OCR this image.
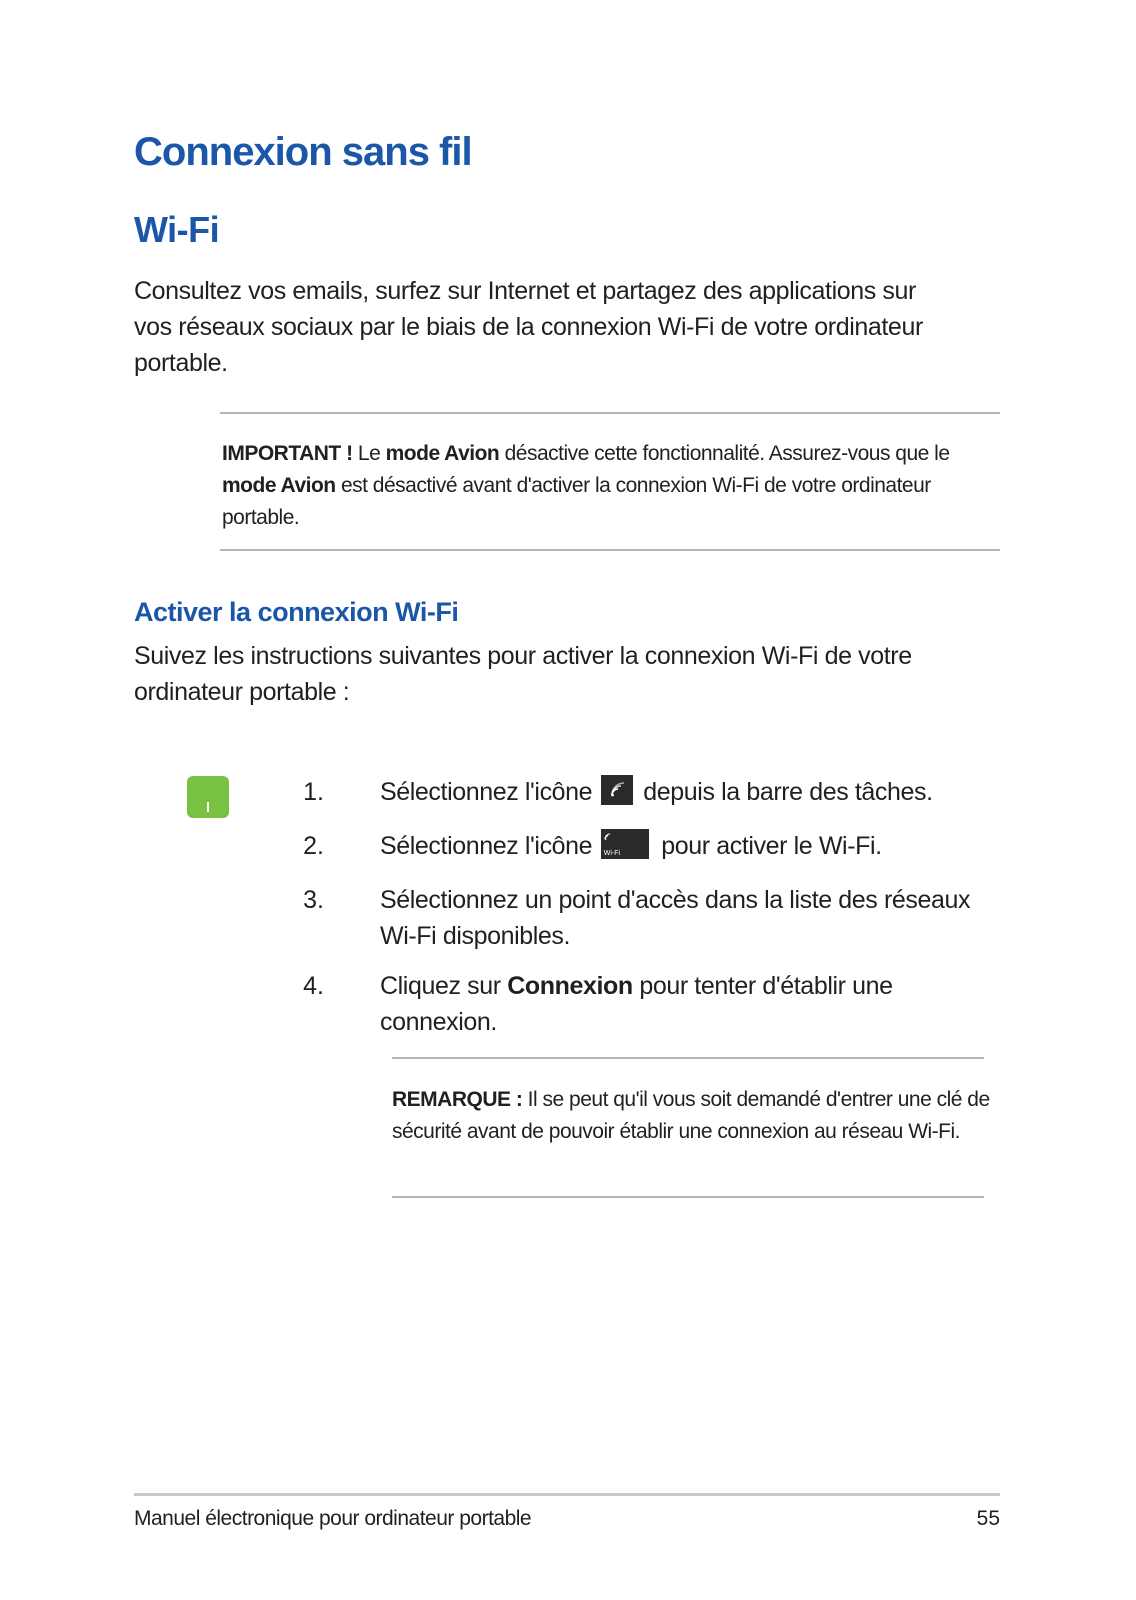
Connexion sans fil
Wi-Fi
Consultez vos emails, surfez sur Internet et partagez des applications sur vos réseaux sociaux par le biais de la connexion Wi-Fi de votre ordinateur portable.
IMPORTANT ! Le mode Avion désactive cette fonctionnalité. Assurez-vous que le mode Avion est désactivé avant d'activer la connexion Wi-Fi de votre ordinateur portable.
Activer la connexion Wi-Fi
Suivez les instructions suivantes pour activer la connexion Wi-Fi de votre ordinateur portable :
1. Sélectionnez l'icône  depuis la barre des tâches.
2. Sélectionnez l'icône Wi-Fi pour activer le Wi-Fi.
3. Sélectionnez un point d'accès dans la liste des réseaux Wi-Fi disponibles.
4. Cliquez sur Connexion pour tenter d'établir une connexion.
REMARQUE : Il se peut qu'il vous soit demandé d'entrer une clé de sécurité avant de pouvoir établir une connexion au réseau Wi-Fi.
Manuel électronique pour ordinateur portable	55
